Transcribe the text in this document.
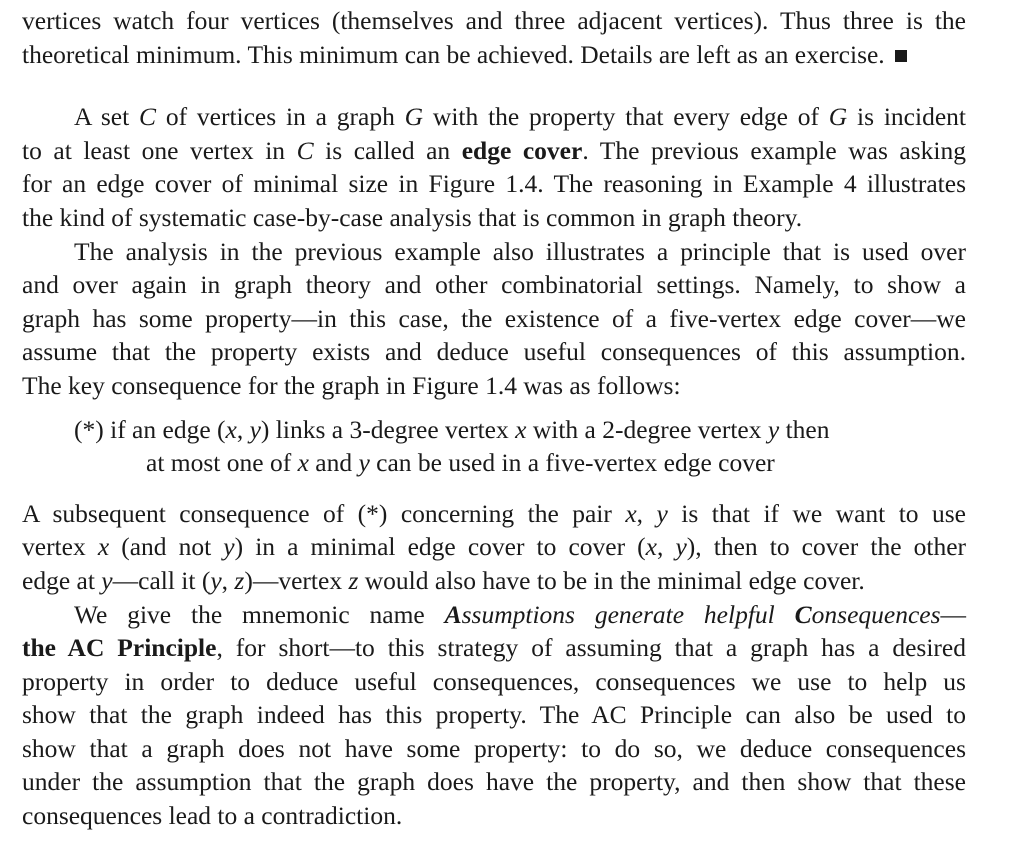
vertices watch four vertices (themselves and three adjacent vertices). Thus three is the
theoretical minimum. This minimum can be achieved. Details are left as an exercise.
A set C of vertices in a graph G with the property that every edge of G is incident
to at least one vertex in C is called an edge cover. The previous example was asking
for an edge cover of minimal size in Figure 1.4. The reasoning in Example 4 illustrates
the kind of systematic case-by-case analysis that is common in graph theory.
The analysis in the previous example also illustrates a principle that is used over
and over again in graph theory and other combinatorial settings. Namely, to show a
graph has some property—in this case, the existence of a five-vertex edge cover—we
assume that the property exists and deduce useful consequences of this assumption.
The key consequence for the graph in Figure 1.4 was as follows:
(*) if an edge (x, y) links a 3-degree vertex x with a 2-degree vertex y then
at most one of x and y can be used in a five-vertex edge cover
A subsequent consequence of (*) concerning the pair x, y is that if we want to use
vertex x (and not y) in a minimal edge cover to cover (x, y), then to cover the other
edge at y—call it (y, z)—vertex z would also have to be in the minimal edge cover.
We give the mnemonic name Assumptions generate helpful Consequences—
the AC Principle, for short—to this strategy of assuming that a graph has a desired
property in order to deduce useful consequences, consequences we use to help us
show that the graph indeed has this property. The AC Principle can also be used to
show that a graph does not have some property: to do so, we deduce consequences
under the assumption that the graph does have the property, and then show that these
consequences lead to a contradiction.
